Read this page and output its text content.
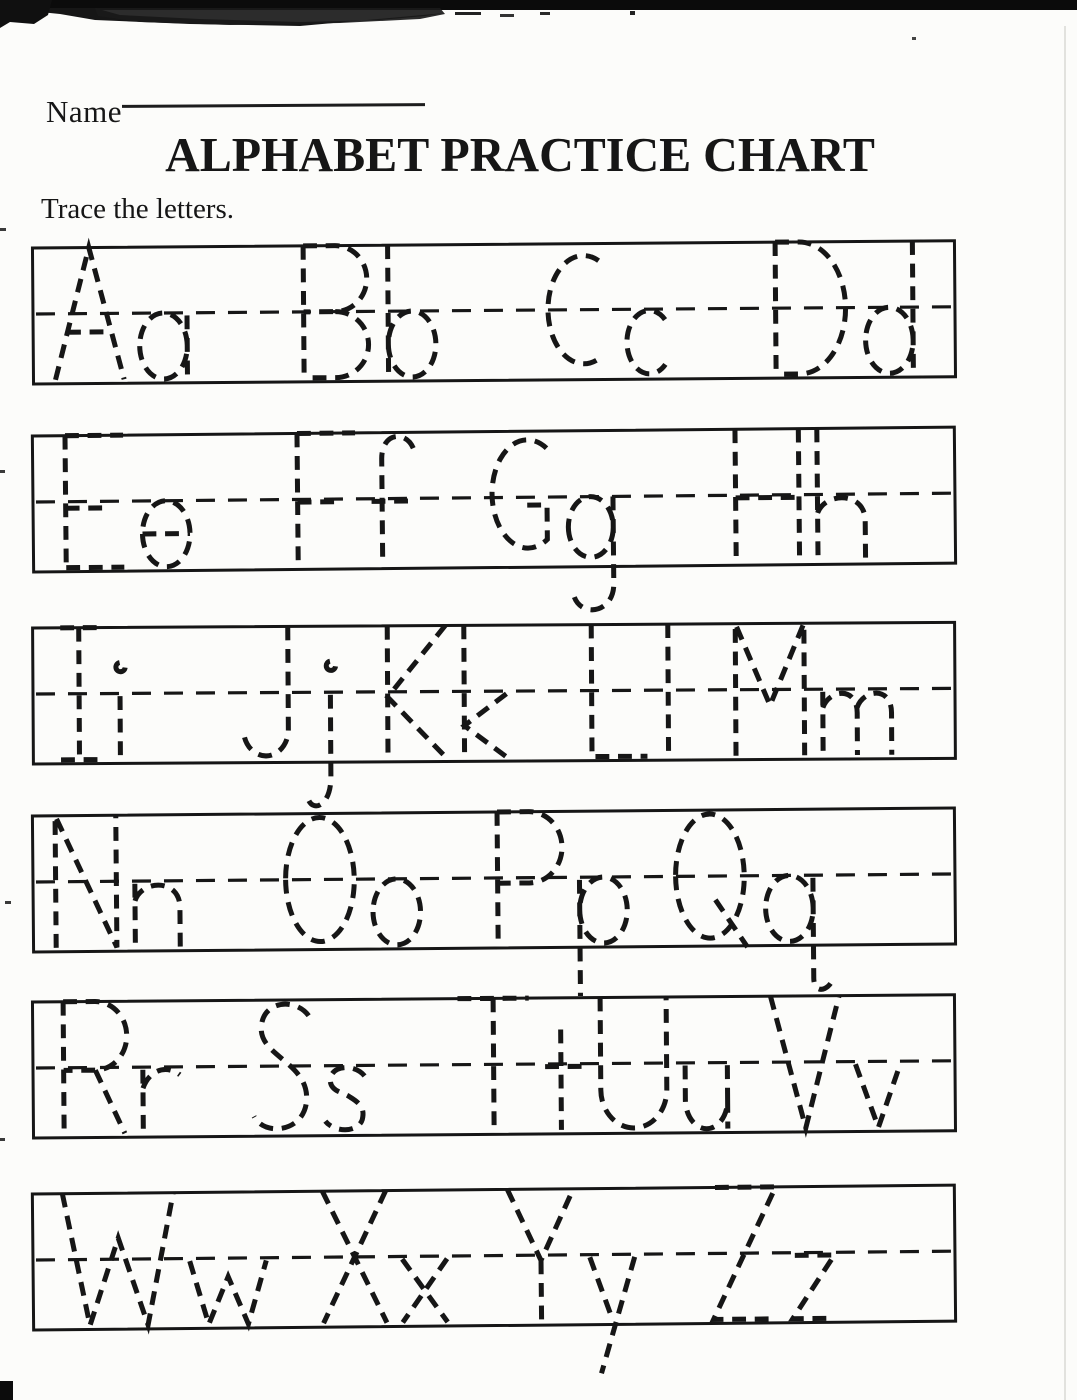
Name
ALPHABET PRACTICE CHART

Trace the letters.
